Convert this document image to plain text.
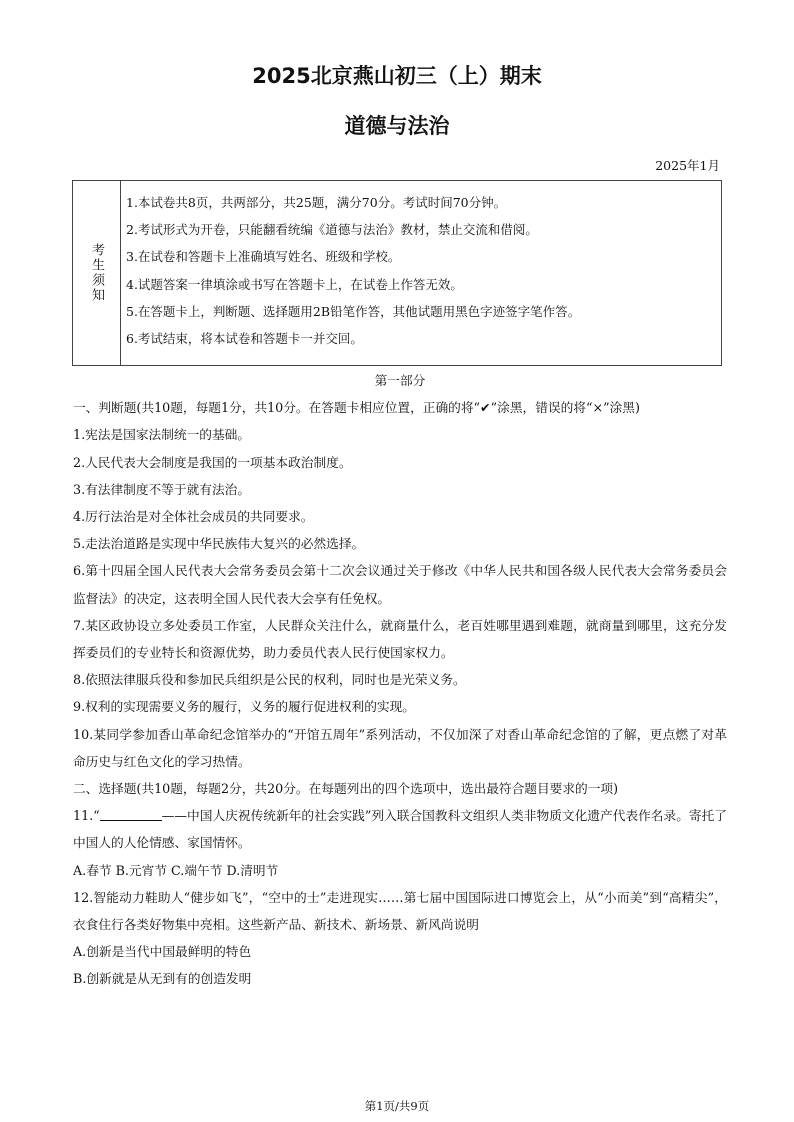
2025北京燕山初三（上）期末
道德与法治
2025年1月
考生须知
1.本试卷共8页，共两部分，共25题，满分70分。考试时间70分钟。
2.考试形式为开卷，只能翻看统编《道德与法治》教材，禁止交流和借阅。
3.在试卷和答题卡上准确填写姓名、班级和学校。
4.试题答案一律填涂或书写在答题卡上，在试卷上作答无效。
5.在答题卡上，判断题、选择题用2B铅笔作答，其他试题用黑色字迹签字笔作答。
6.考试结束，将本试卷和答题卡一并交回。

第一部分

一、判断题(共10题，每题1分，共10分。在答题卡相应位置，正确的将“✔”涂黑，错误的将“×”涂黑)

1.宪法是国家法制统一的基础。

2.人民代表大会制度是我国的一项基本政治制度。

3.有法律制度不等于就有法治。

4.厉行法治是对全体社会成员的共同要求。

5.走法治道路是实现中华民族伟大复兴的必然选择。

6.第十四届全国人民代表大会常务委员会第十二次会议通过关于修改《中华人民共和国各级人民代表大会常务委员会监督法》的决定，这表明全国人民代表大会享有任免权。

7.某区政协设立多处委员工作室，人民群众关注什么，就商量什么，老百姓哪里遇到难题，就商量到哪里，这充分发挥委员们的专业特长和资源优势，助力委员代表人民行使国家权力。

8.依照法律服兵役和参加民兵组织是公民的权利，同时也是光荣义务。

9.权利的实现需要义务的履行，义务的履行促进权利的实现。

10.某同学参加香山革命纪念馆举办的“开馆五周年”系列活动，不仅加深了对香山革命纪念馆的了解，更点燃了对革命历史与红色文化的学习热情。

二、选择题(共10题，每题2分，共20分。在每题列出的四个选项中，选出最符合题目要求的一项)

11.“	——中国人庆祝传统新年的社会实践”列入联合国教科文组织人类非物质文化遗产代表作名录。寄托了中国人的人伦情感、家国情怀。

A.春节 B.元宵节 C.端午节 D.清明节

12.智能动力鞋助人“健步如飞”，“空中的士”走进现实……第七届中国国际进口博览会上，从“小而美”到“高精尖”，衣食住行各类好物集中亮相。这些新产品、新技术、新场景、新风尚说明

A.创新是当代中国最鲜明的特色

B.创新就是从无到有的创造发明

第1页/共9页
